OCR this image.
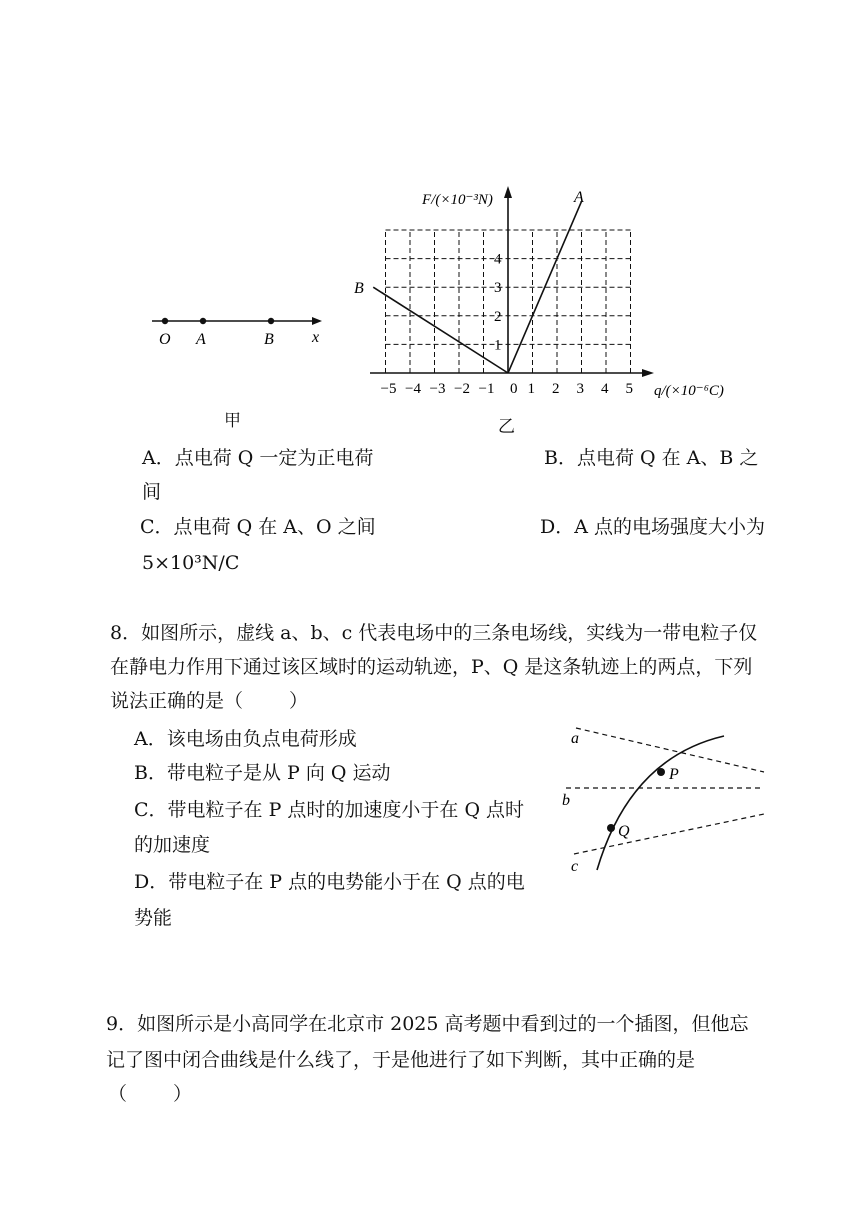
O A	B x
甲
−5 −4 −3 −2 −1 0 1 2 3 4 5
1
2
3
4
F/(×10⁻³N)
q/(×10⁻⁶C)
A
B
乙
A．点电荷 Q 一定为正电荷
间
B．点电荷 Q 在 A、B 之
C．点电荷 Q 在 A、O 之间	D．A 点的电场强度大小为
5×10³N/C
8．如图所示，虚线 a、b、c 代表电场中的三条电场线，实线为一带电粒子仅
在静电力作用下通过该区域时的运动轨迹，P、Q 是这条轨迹上的两点，下列
说法正确的是（ ）
A．该电场由负点电荷形成
B．带电粒子是从 P 向 Q 运动
C．带电粒子在 P 点时的加速度小于在 Q 点时
的加速度
D．带电粒子在 P 点的电势能小于在 Q 点的电
势能
a
b
c
P
Q
9．如图所示是小高同学在北京市 2025 高考题中看到过的一个插图，但他忘
记了图中闭合曲线是什么线了，于是他进行了如下判断，其中正确的是
（ ）
